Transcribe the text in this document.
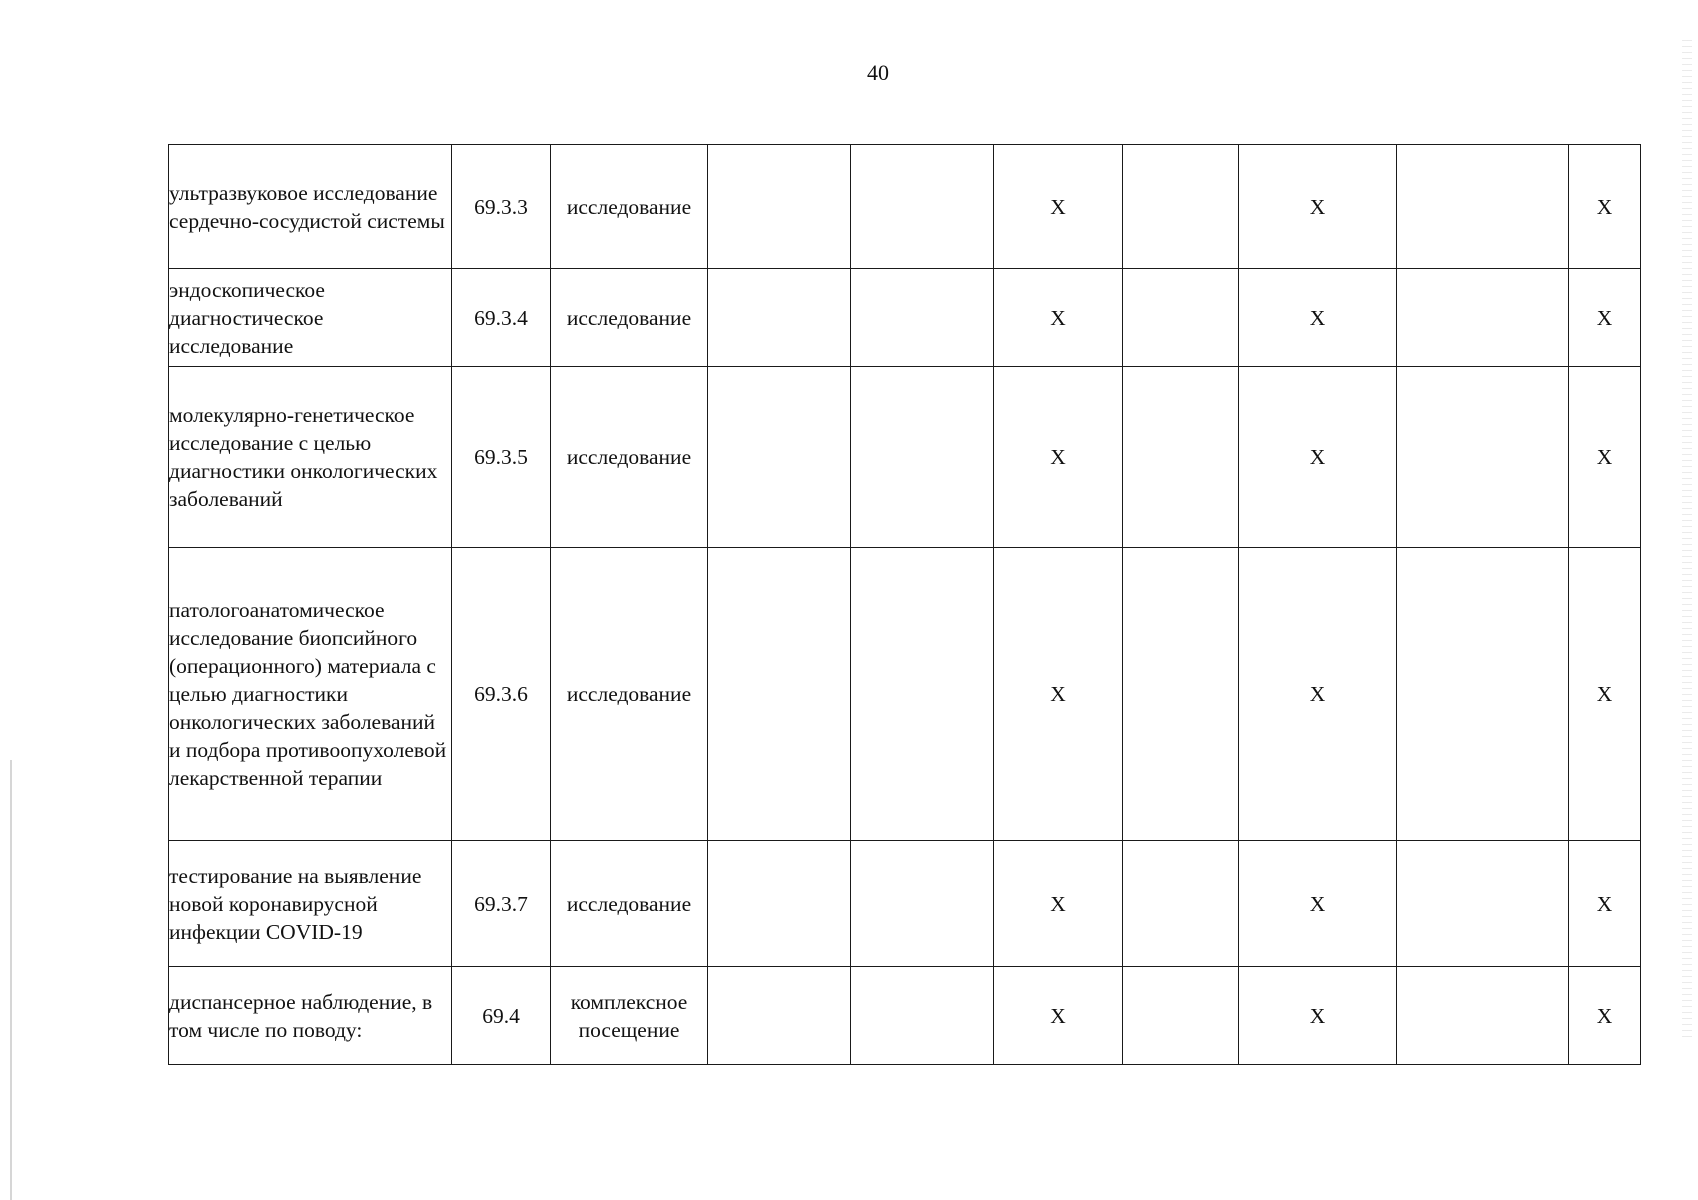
40
ультразвуковое исследование сердечно-сосудистой системы	69.3.3	исследование			Х		Х		Х
эндоскопическое диагностическое исследование	69.3.4	исследование			Х		Х		Х
молекулярно-генетическое исследование с целью диагностики онкологических заболеваний	69.3.5	исследование			Х		Х		Х
патологоанатомическое исследование биопсийного (операционного) материала с целью диагностики онкологических заболеваний и подбора противоопухолевой лекарственной терапии	69.3.6	исследование			Х		Х		Х
тестирование на выявление новой коронавирусной инфекции COVID-19	69.3.7	исследование			Х		Х		Х
диспансерное наблюдение, в том числе по поводу:	69.4	комплексное посещение			Х		Х		Х
